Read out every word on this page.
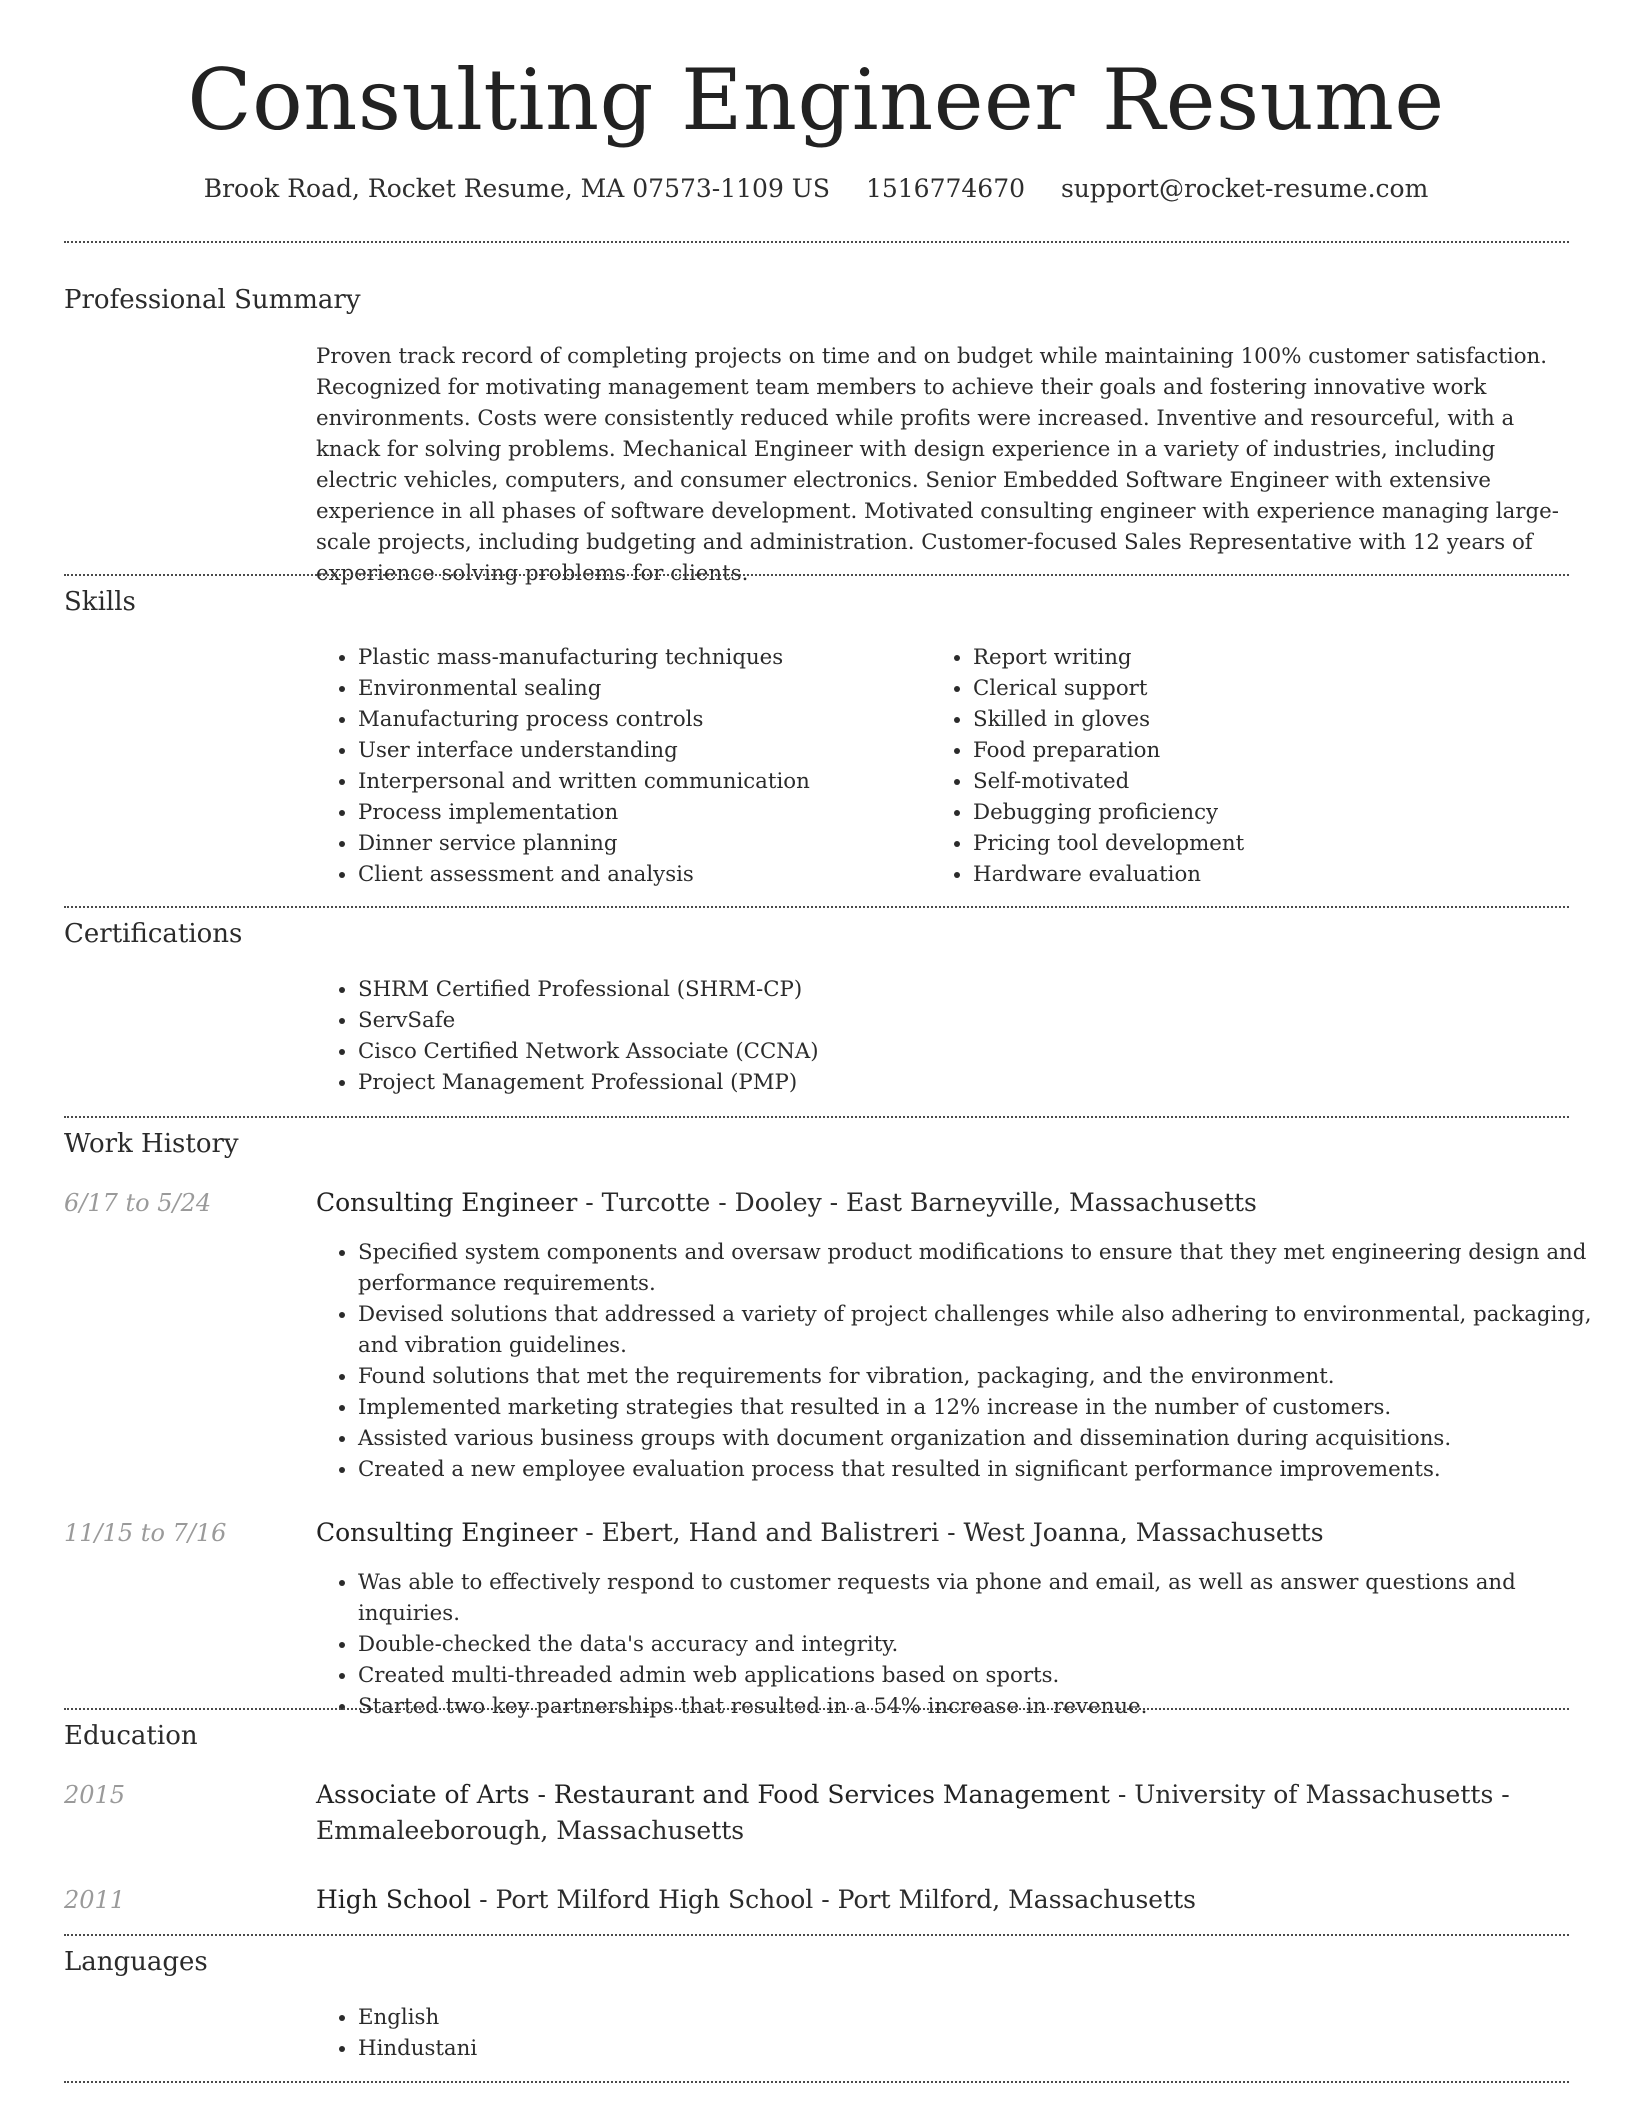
Consulting Engineer Resume
Brook Road, Rocket Resume, MA 07573-1109 US 1516774670 support@rocket-resume.com
Professional Summary
Proven track record of completing projects on time and on budget while maintaining 100% customer satisfaction. Recognized for motivating management team members to achieve their goals and fostering innovative work environments. Costs were consistently reduced while profits were increased. Inventive and resourceful, with a knack for solving problems. Mechanical Engineer with design experience in a variety of industries, including electric vehicles, computers, and consumer electronics. Senior Embedded Software Engineer with extensive experience in all phases of software development. Motivated consulting engineer with experience managing large-scale projects, including budgeting and administration. Customer-focused Sales Representative with 12 years of experience solving problems for clients.
Skills
• Plastic mass-manufacturing techniques
• Environmental sealing
• Manufacturing process controls
• User interface understanding
• Interpersonal and written communication
• Process implementation
• Dinner service planning
• Client assessment and analysis
• Report writing
• Clerical support
• Skilled in gloves
• Food preparation
• Self-motivated
• Debugging proficiency
• Pricing tool development
• Hardware evaluation
Certifications
• SHRM Certified Professional (SHRM-CP)
• ServSafe
• Cisco Certified Network Associate (CCNA)
• Project Management Professional (PMP)
Work History
6/17 to 5/24	Consulting Engineer - Turcotte - Dooley - East Barneyville, Massachusetts
• Specified system components and oversaw product modifications to ensure that they met engineering design and performance requirements.
• Devised solutions that addressed a variety of project challenges while also adhering to environmental, packaging, and vibration guidelines.
• Found solutions that met the requirements for vibration, packaging, and the environment.
• Implemented marketing strategies that resulted in a 12% increase in the number of customers.
• Assisted various business groups with document organization and dissemination during acquisitions.
• Created a new employee evaluation process that resulted in significant performance improvements.
11/15 to 7/16	Consulting Engineer - Ebert, Hand and Balistreri - West Joanna, Massachusetts
• Was able to effectively respond to customer requests via phone and email, as well as answer questions and inquiries.
• Double-checked the data's accuracy and integrity.
• Created multi-threaded admin web applications based on sports.
• Started two key partnerships that resulted in a 54% increase in revenue.
Education
2015	Associate of Arts - Restaurant and Food Services Management - University of Massachusetts - Emmaleeborough, Massachusetts
2011	High School - Port Milford High School - Port Milford, Massachusetts
Languages
• English
• Hindustani
